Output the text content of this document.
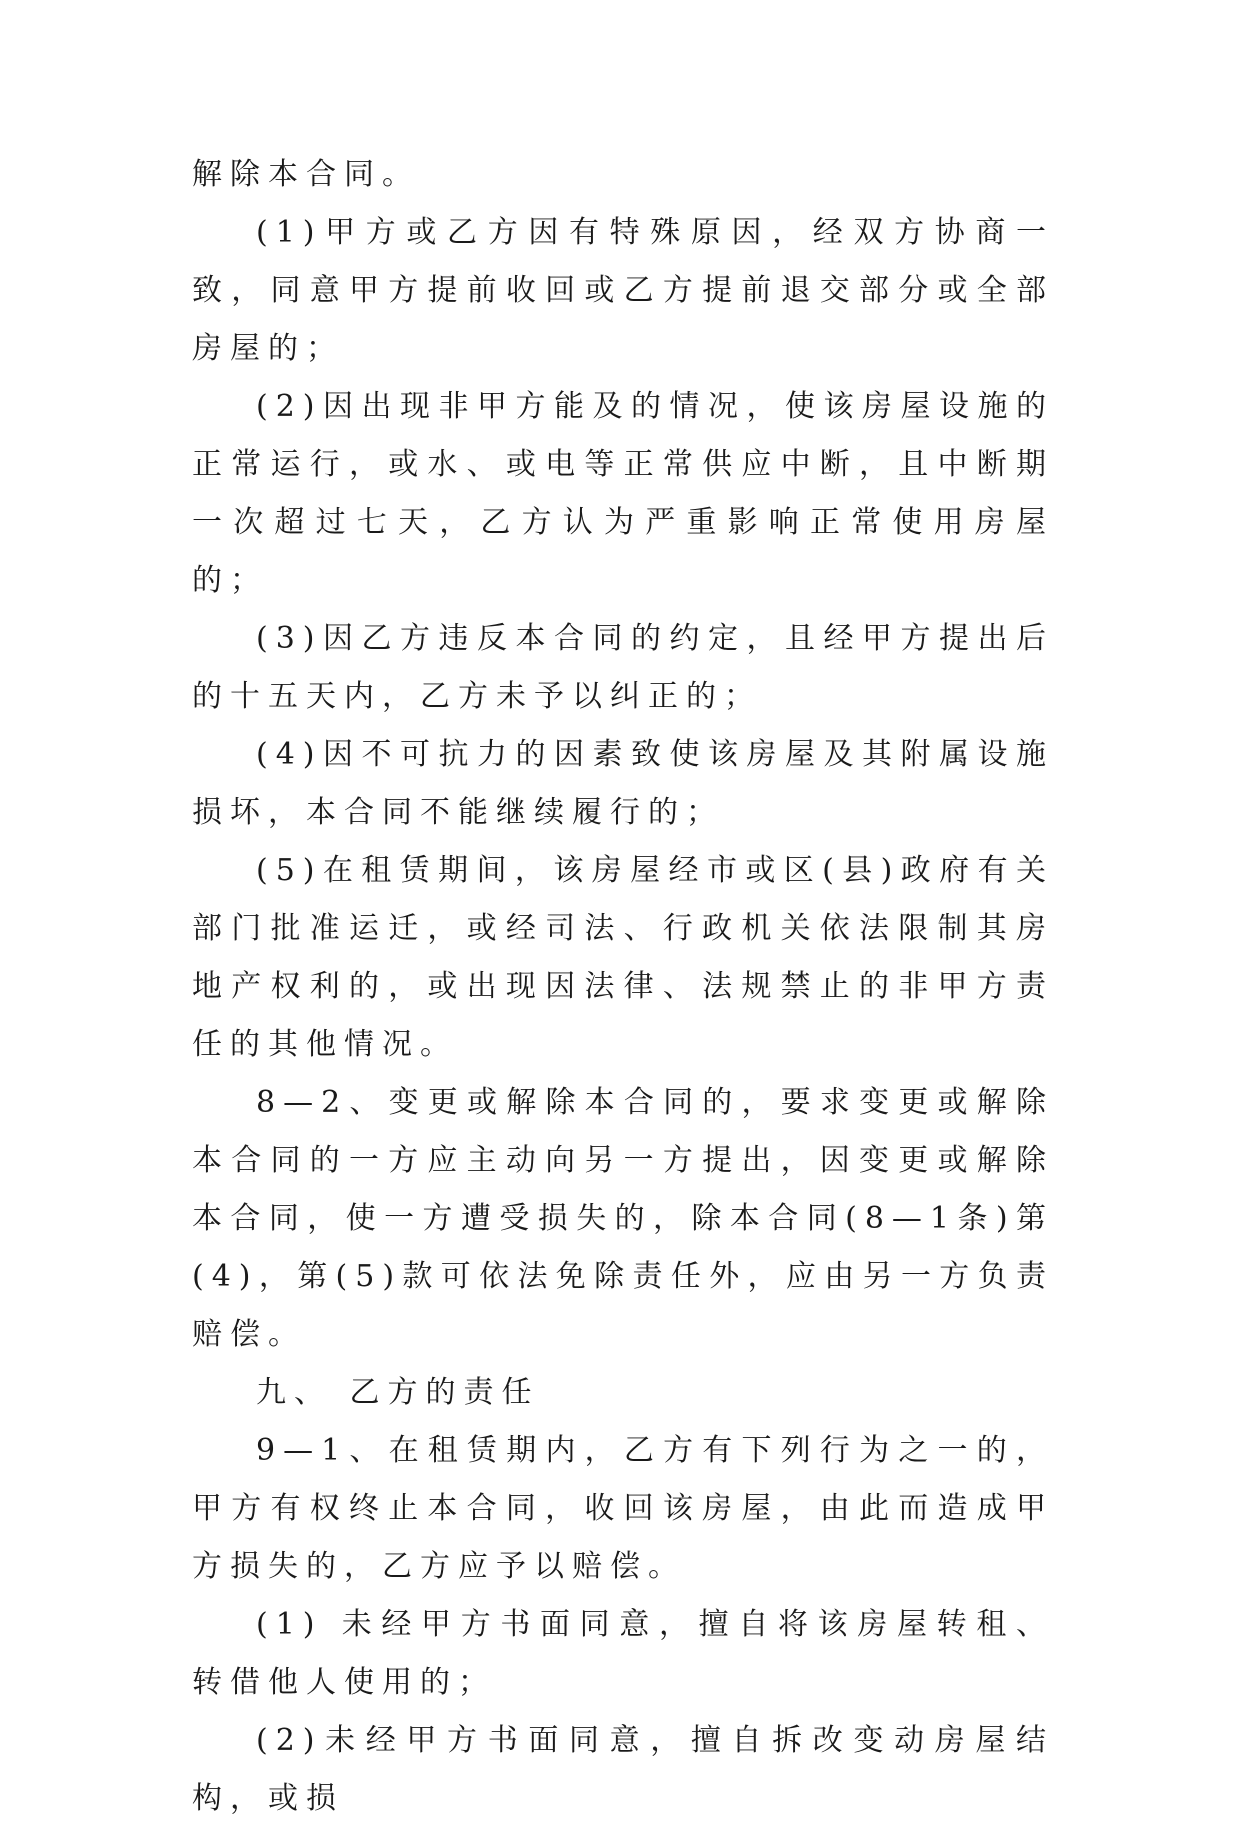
解除本合同。

(1)甲方或乙方因有特殊原因，经双方协商一致，同意甲方提前收回或乙方提前退交部分或全部房屋的；

(2)因出现非甲方能及的情况，使该房屋设施的正常运行，或水、或电等正常供应中断，且中断期一次超过七天，乙方认为严重影响正常使用房屋的；

(3)因乙方违反本合同的约定，且经甲方提出后的十五天内，乙方未予以纠正的；

(4)因不可抗力的因素致使该房屋及其附属设施损坏，本合同不能继续履行的；

(5)在租赁期间，该房屋经市或区(县)政府有关部门批准运迁，或经司法、行政机关依法限制其房地产权利的，或出现因法律、法规禁止的非甲方责任的其他情况。

8—2、变更或解除本合同的，要求变更或解除本合同的一方应主动向另一方提出，因变更或解除本合同，使一方遭受损失的，除本合同(8—1条)第(4)，第(5)款可依法免除责任外，应由另一方负责赔偿。

九、 乙方的责任

9—1、在租赁期内，乙方有下列行为之一的，甲方有权终止本合同，收回该房屋，由此而造成甲方损失的，乙方应予以赔偿。

(1) 未经甲方书面同意，擅自将该房屋转租、转借他人使用的；

(2)未经甲方书面同意，擅自拆改变动房屋结构，或损
